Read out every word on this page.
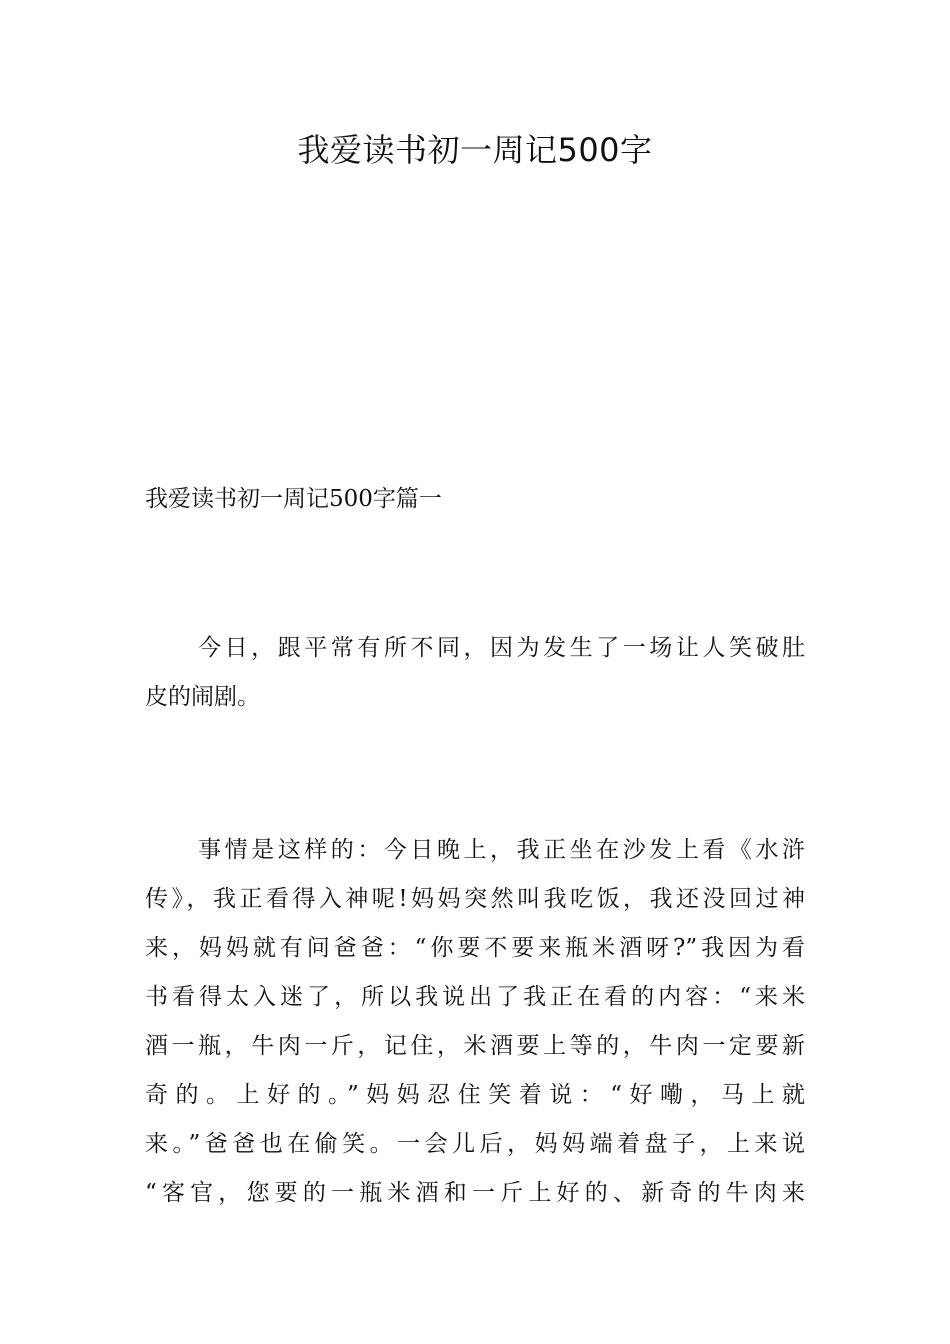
我爱读书初一周记500字
我爱读书初一周记500字篇一

　　今日，跟平常有所不同，因为发生了一场让人笑破肚
皮的闹剧。

　　事情是这样的：今日晚上，我正坐在沙发上看《水浒
传》，我正看得入神呢!妈妈突然叫我吃饭，我还没回过神
来，妈妈就有问爸爸：“你要不要来瓶米酒呀?”我因为看
书看得太入迷了，所以我说出了我正在看的内容：“来米
酒一瓶，牛肉一斤，记住，米酒要上等的，牛肉一定要新
奇的。上好的。”妈妈忍住笑着说：“好嘞，马上就
来。”爸爸也在偷笑。一会儿后，妈妈端着盘子，上来说
“客官，您要的一瓶米酒和一斤上好的、新奇的牛肉来
